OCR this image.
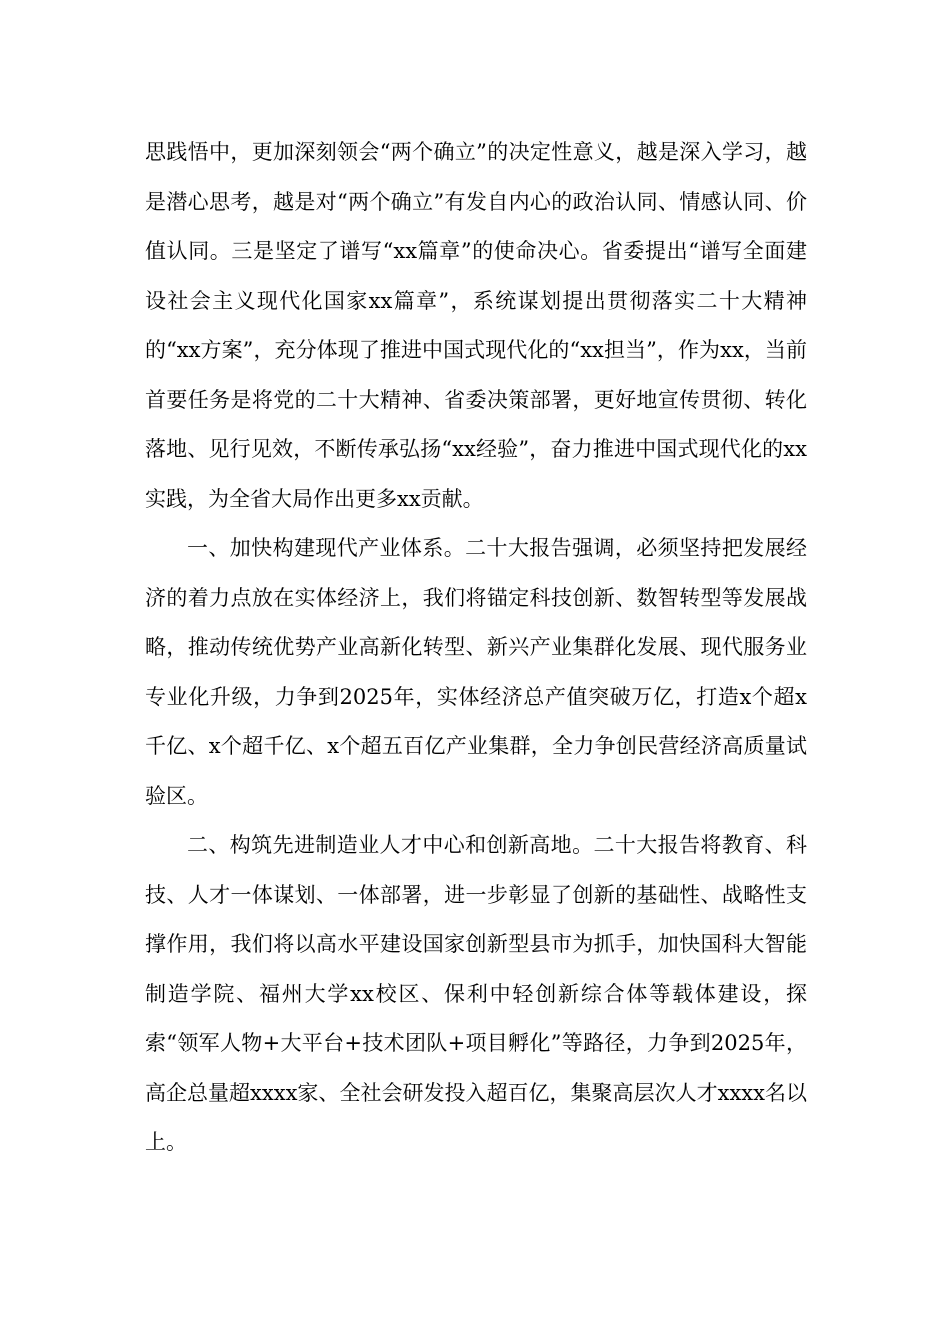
思践悟中，更加深刻领会“两个确立”的决定性意义，越是深入学习，越是潜心思考，越是对“两个确立”有发自内心的政治认同、情感认同、价值认同。三是坚定了谱写“xx篇章”的使命决心。省委提出“谱写全面建设社会主义现代化国家xx篇章”，系统谋划提出贯彻落实二十大精神的“xx方案”，充分体现了推进中国式现代化的“xx担当”，作为xx，当前首要任务是将党的二十大精神、省委决策部署，更好地宣传贯彻、转化落地、见行见效，不断传承弘扬“xx经验”，奋力推进中国式现代化的xx实践，为全省大局作出更多xx贡献。

一、加快构建现代产业体系。二十大报告强调，必须坚持把发展经济的着力点放在实体经济上，我们将锚定科技创新、数智转型等发展战略，推动传统优势产业高新化转型、新兴产业集群化发展、现代服务业专业化升级，力争到2025年，实体经济总产值突破万亿，打造x个超x千亿、x个超千亿、x个超五百亿产业集群，全力争创民营经济高质量试验区。

二、构筑先进制造业人才中心和创新高地。二十大报告将教育、科技、人才一体谋划、一体部署，进一步彰显了创新的基础性、战略性支撑作用，我们将以高水平建设国家创新型县市为抓手，加快国科大智能制造学院、福州大学xx校区、保利中轻创新综合体等载体建设，探索“领军人物+大平台+技术团队+项目孵化”等路径，力争到2025年，高企总量超xxxx家、全社会研发投入超百亿，集聚高层次人才xxxx名以上。
